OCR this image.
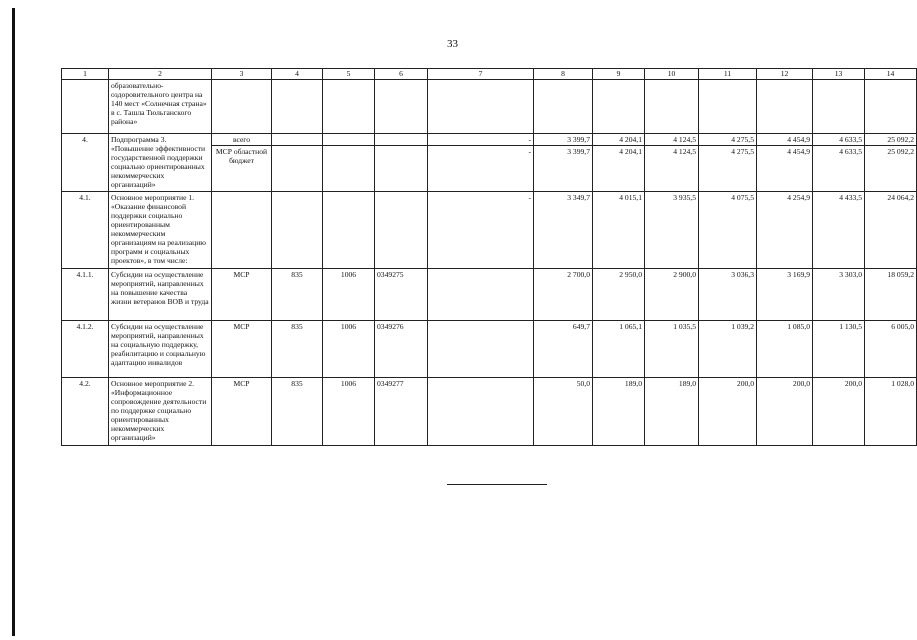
33
1	2	3	4	5	6	7	8	9	10	11	12	13	14
	образовательно-оздоровительного центра на 140 мест «Солнечная страна» в с. Ташла Тюльганского района»												
4.	Подпрограмма 3. «Повышение эффективности государственной поддержки социально ориентированных некоммерческих организаций»	всего				-	3 399,7	4 204,1	4 124,5	4 275,5	4 454,9	4 633,5	25 092,2
		МСР областной бюджет				-	3 399,7	4 204,1	4 124,5	4 275,5	4 454,9	4 633,5	25 092,2
4.1.	Основное мероприятие 1. «Оказание финансовой поддержки социально ориентированным некоммерческим организациям на реализацию программ и социальных проектов», в том числе:					-	3 349,7	4 015,1	3 935,5	4 075,5	4 254,9	4 433,5	24 064,2
4.1.1.	Субсидии на осуществление мероприятий, направленных на повышение качества жизни ветеранов ВОВ и труда	МСР	835	1006	0349275		2 700,0	2 950,0	2 900,0	3 036,3	3 169,9	3 303,0	18 059,2
4.1.2.	Субсидии на осуществление мероприятий, направленных на социальную поддержку, реабилитацию и социальную адаптацию инвалидов	МСР	835	1006	0349276		649,7	1 065,1	1 035,5	1 039,2	1 085,0	1 130,5	6 005,0
4.2.	Основное мероприятие 2. «Информационное сопровождение деятельности по поддержке социально ориентированных некоммерческих организаций»	МСР	835	1006	0349277		50,0	189,0	189,0	200,0	200,0	200,0	1 028,0
